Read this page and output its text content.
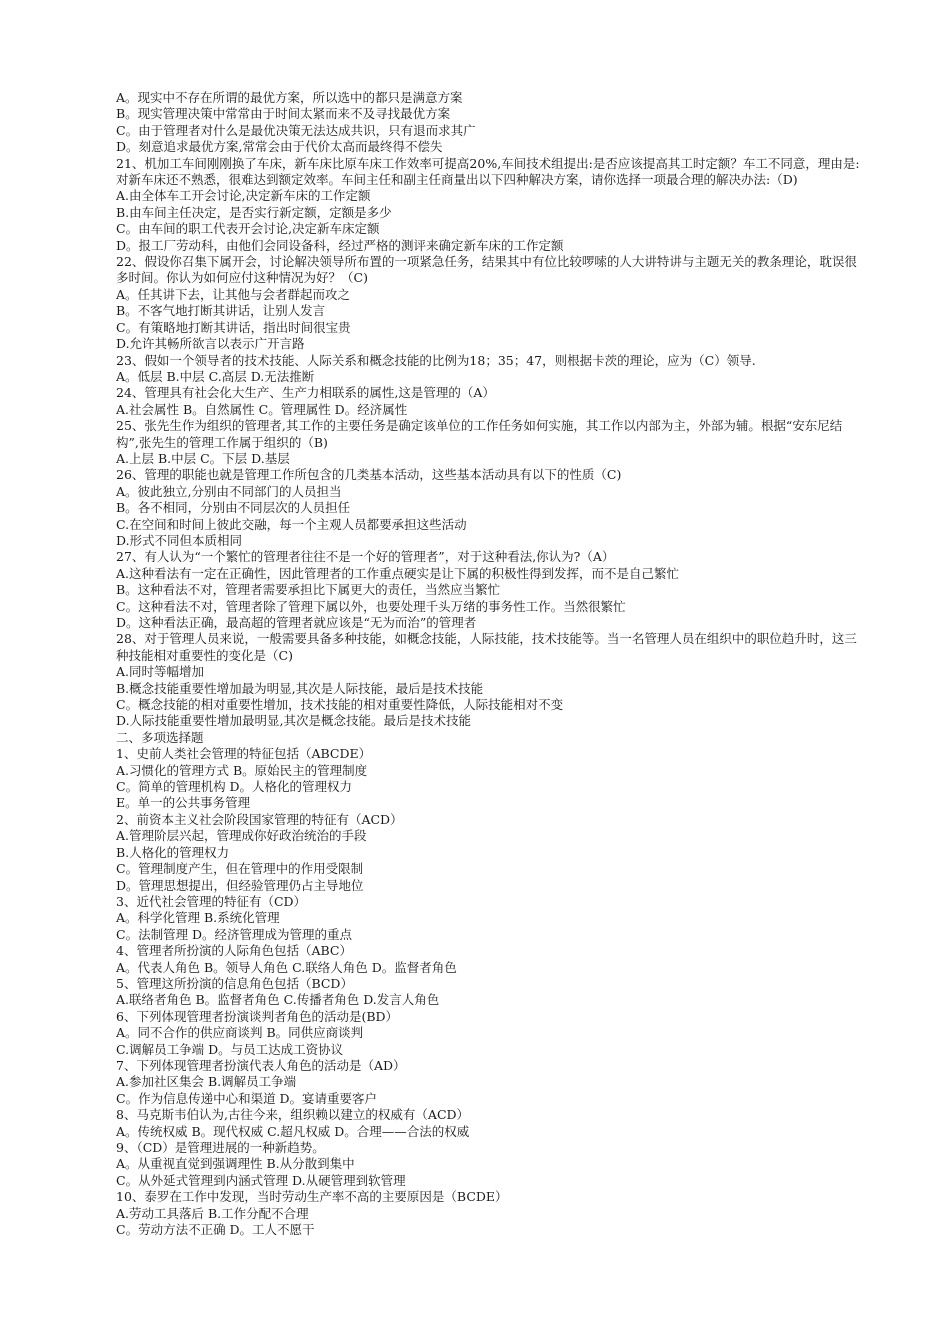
A。现实中不存在所谓的最优方案，所以选中的都只是满意方案

B。现实管理决策中常常由于时间太紧而来不及寻找最优方案

C。由于管理者对什么是最优决策无法达成共识，只有退而求其广

D。刻意追求最优方案,常常会由于代价太高而最终得不偿失

21、机加工车间刚刚换了车床，新车床比原车床工作效率可提高20%,车间技术组提出:是否应该提高其工时定额？车工不同意，理由是:对新车床还不熟悉，很难达到额定效率。车间主任和副主任商量出以下四种解决方案，请你选择一项最合理的解决办法:（D)

A.由全体车工开会讨论,决定新车床的工作定额

B.由车间主任决定，是否实行新定额，定额是多少

C。由车间的职工代表开会讨论,决定新车床定额

D。报工厂劳动科，由他们会同设备科，经过严格的测评来确定新车床的工作定额

22、假设你召集下属开会，讨论解决领导所布置的一项紧急任务，结果其中有位比较啰嗦的人大讲特讲与主题无关的教条理论，耽误很多时间。你认为如何应付这种情况为好？（C)

A。任其讲下去，让其他与会者群起而攻之

B。不客气地打断其讲话，让别人发言

C。有策略地打断其讲话，指出时间很宝贵

D.允许其畅所欲言以表示广开言路

23、假如一个领导者的技术技能、人际关系和概念技能的比例为18；35；47，则根据卡茨的理论，应为（C）领导.

A。低层 B.中层 C.高层 D.无法推断

24、管理具有社会化大生产、生产力相联系的属性,这是管理的（A）

A.社会属性 B。自然属性 C。管理属性 D。经济属性

25、张先生作为组织的管理者,其工作的主要任务是确定该单位的工作任务如何实施，其工作以内部为主，外部为辅。根据“安东尼结构”,张先生的管理工作属于组织的（B)

A.上层 B.中层 C。下层 D.基层

26、管理的职能也就是管理工作所包含的几类基本活动，这些基本活动具有以下的性质（C)

A。彼此独立,分别由不同部门的人员担当

B。各不相同，分别由不同层次的人员担任

C.在空间和时间上彼此交融，每一个主观人员都要承担这些活动

D.形式不同但本质相同

27、有人认为“一个繁忙的管理者往往不是一个好的管理者”，对于这种看法,你认为?（A）

A.这种看法有一定在正确性，因此管理者的工作重点硬实是让下属的积极性得到发挥，而不是自己繁忙

B。这种看法不对，管理者需要承担比下属更大的责任，当然应当繁忙

C。这种看法不对，管理者除了管理下属以外，也要处理千头万绪的事务性工作。当然很繁忙

D。这种看法正确，最高超的管理者就应该是“无为而治”的管理者

28、对于管理人员来说，一般需要具备多种技能，如概念技能，人际技能，技术技能等。当一名管理人员在组织中的职位趋升时，这三种技能相对重要性的变化是（C)

A.同时等幅增加

B.概念技能重要性增加最为明显,其次是人际技能，最后是技术技能

C。概念技能的相对重要性增加，技术技能的相对重要性降低，人际技能相对不变

D.人际技能重要性增加最明显,其次是概念技能。最后是技术技能

二、多项选择题

1、史前人类社会管理的特征包括（ABCDE）

A.习惯化的管理方式 B。原始民主的管理制度

C。简单的管理机构 D。人格化的管理权力

E。单一的公共事务管理

2、前资本主义社会阶段国家管理的特征有（ACD）

A.管理阶层兴起，管理成你好政治统治的手段

B.人格化的管理权力

C。管理制度产生，但在管理中的作用受限制

D。管理思想提出，但经验管理仍占主导地位

3、近代社会管理的特征有（CD）

A。科学化管理 B.系统化管理

C。法制管理 D。经济管理成为管理的重点

4、管理者所扮演的人际角色包括（ABC）

A。代表人角色 B。领导人角色 C.联络人角色 D。监督者角色

5、管理这所扮演的信息角色包括（BCD）

A.联络者角色 B。监督者角色 C.传播者角色 D.发言人角色

6、下列体现管理者扮演谈判者角色的活动是(BD）

A。同不合作的供应商谈判 B。同供应商谈判

C.调解员工争端 D。与员工达成工资协议

7、下列体现管理者扮演代表人角色的活动是（AD）

A.参加社区集会 B.调解员工争端

C。作为信息传递中心和渠道 D。宴请重要客户

8、马克斯韦伯认为,古往今来，组织赖以建立的权威有（ACD）

A。传统权威 B。现代权威 C.超凡权威 D。合理——合法的权威

9、（CD）是管理进展的一种新趋势。

A。从重视直觉到强调理性 B.从分散到集中

C。从外延式管理到内涵式管理 D.从硬管理到软管理

10、泰罗在工作中发现，当时劳动生产率不高的主要原因是（BCDE）

A.劳动工具落后 B.工作分配不合理

C。劳动方法不正确 D。工人不愿干
